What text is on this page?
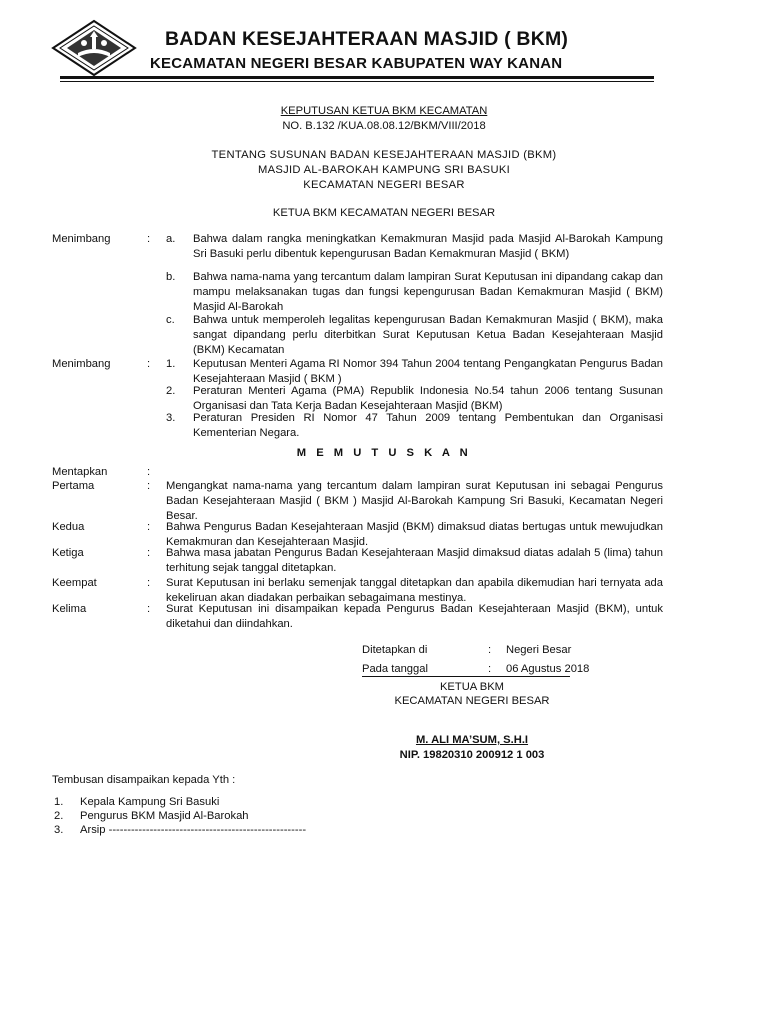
BADAN KESEJAHTERAAN MASJID ( BKM)
KECAMATAN NEGERI BESAR KABUPATEN WAY KANAN
KEPUTUSAN KETUA BKM KECAMATAN
NO. B.132 /KUA.08.08.12/BKM/VIII/2018
TENTANG SUSUNAN BADAN KESEJAHTERAAN MASJID (BKM)
MASJID AL-BAROKAH KAMPUNG SRI BASUKI
KECAMATAN NEGERI BESAR
KETUA BKM KECAMATAN NEGERI BESAR
Menimbang	: a. Bahwa dalam rangka meningkatkan Kemakmuran Masjid pada Masjid Al-Barokah Kampung Sri Basuki perlu dibentuk kepengurusan Badan Kemakmuran Masjid ( BKM)
b. Bahwa nama-nama yang tercantum dalam lampiran Surat Keputusan ini dipandang cakap dan mampu melaksanakan tugas dan fungsi kepengurusan Badan Kemakmuran Masjid ( BKM) Masjid Al-Barokah
c. Bahwa untuk memperoleh legalitas kepengurusan Badan Kemakmuran Masjid ( BKM), maka sangat dipandang perlu diterbitkan Surat Keputusan Ketua Badan Kesejahteraan Masjid (BKM) Kecamatan
Menimbang	: 1. Keputusan Menteri Agama RI Nomor 394 Tahun 2004 tentang Pengangkatan Pengurus Badan Kesejahteraan Masjid ( BKM )
2. Peraturan Menteri Agama (PMA) Republik Indonesia No.54 tahun 2006 tentang Susunan Organisasi dan Tata Kerja Badan Kesejahteraan Masjid (BKM)
3. Peraturan Presiden RI Nomor 47 Tahun 2009 tentang Pembentukan dan Organisasi Kementerian Negara.
M E M U T U S K A N
Mentapkan	:
Pertama	: Mengangkat nama-nama yang tercantum dalam lampiran surat Keputusan ini sebagai Pengurus Badan Kesejahteraan Masjid ( BKM ) Masjid Al-Barokah Kampung Sri Basuki, Kecamatan Negeri Besar.
Kedua	: Bahwa Pengurus Badan Kesejahteraan Masjid (BKM) dimaksud diatas bertugas untuk mewujudkan Kemakmuran dan Kesejahteraan Masjid.
Ketiga	: Bahwa masa jabatan Pengurus Badan Kesejahteraan Masjid dimaksud diatas adalah 5 (lima) tahun terhitung sejak tanggal ditetapkan.
Keempat	: Surat Keputusan ini berlaku semenjak tanggal ditetapkan dan apabila dikemudian hari ternyata ada kekeliruan akan diadakan perbaikan sebagaimana mestinya.
Kelima	: Surat Keputusan ini disampaikan kepada Pengurus Badan Kesejahteraan Masjid (BKM), untuk diketahui dan diindahkan.
Ditetapkan di	: Negeri Besar
Pada tanggal	: 06 Agustus 2018
KETUA BKM
KECAMATAN NEGERI BESAR
M. ALI MA’SUM, S.H.I
NIP. 19820310 200912 1 003
Tembusan disampaikan kepada Yth :
1. Kepala Kampung Sri Basuki
2. Pengurus BKM Masjid Al-Barokah
3. Arsip -----------------------------------------------------
